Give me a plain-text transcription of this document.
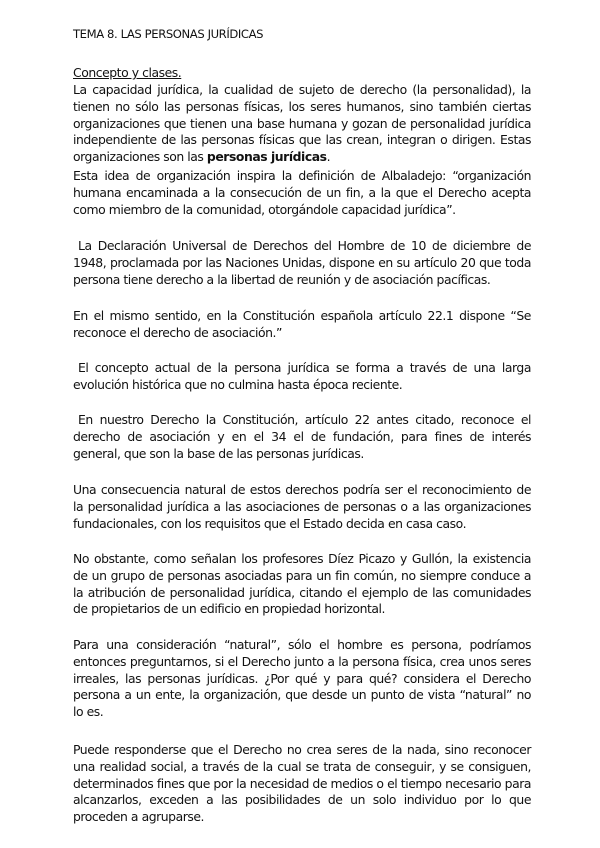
TEMA 8. LAS PERSONAS JURÍDICAS
Concepto y clases.

La capacidad jurídica, la cualidad de sujeto de derecho (la personalidad), la tienen no sólo las personas físicas, los seres humanos, sino también ciertas organizaciones que tienen una base humana y gozan de personalidad jurídica independiente de las personas físicas que las crean, integran o dirigen. Estas organizaciones son las personas jurídicas.

Esta idea de organización inspira la definición de Albaladejo: “organización humana encaminada a la consecución de un fin, a la que el Derecho acepta como miembro de la comunidad, otorgándole capacidad jurídica”.

La Declaración Universal de Derechos del Hombre de 10 de diciembre de 1948, proclamada por las Naciones Unidas, dispone en su artículo 20 que toda persona tiene derecho a la libertad de reunión y de asociación pacíficas.

En el mismo sentido, en la Constitución española artículo 22.1 dispone “Se reconoce el derecho de asociación.”

El concepto actual de la persona jurídica se forma a través de una larga evolución histórica que no culmina hasta época reciente.

En nuestro Derecho la Constitución, artículo 22 antes citado, reconoce el derecho de asociación y en el 34 el de fundación, para fines de interés general, que son la base de las personas jurídicas.

Una consecuencia natural de estos derechos podría ser el reconocimiento de la personalidad jurídica a las asociaciones de personas o a las organizaciones fundacionales, con los requisitos que el Estado decida en casa caso.

No obstante, como señalan los profesores Díez Picazo y Gullón, la existencia de un grupo de personas asociadas para un fin común, no siempre conduce a la atribución de personalidad jurídica, citando el ejemplo de las comunidades de propietarios de un edificio en propiedad horizontal.

Para una consideración “natural”, sólo el hombre es persona, podríamos entonces preguntarnos, si el Derecho junto a la persona física, crea unos seres irreales, las personas jurídicas. ¿Por qué y para qué? considera el Derecho persona a un ente, la organización, que desde un punto de vista “natural” no lo es.

Puede responderse que el Derecho no crea seres de la nada, sino reconocer una realidad social, a través de la cual se trata de conseguir, y se consiguen, determinados fines que por la necesidad de medios o el tiempo necesario para alcanzarlos, exceden a las posibilidades de un solo individuo por lo que proceden a agruparse.
